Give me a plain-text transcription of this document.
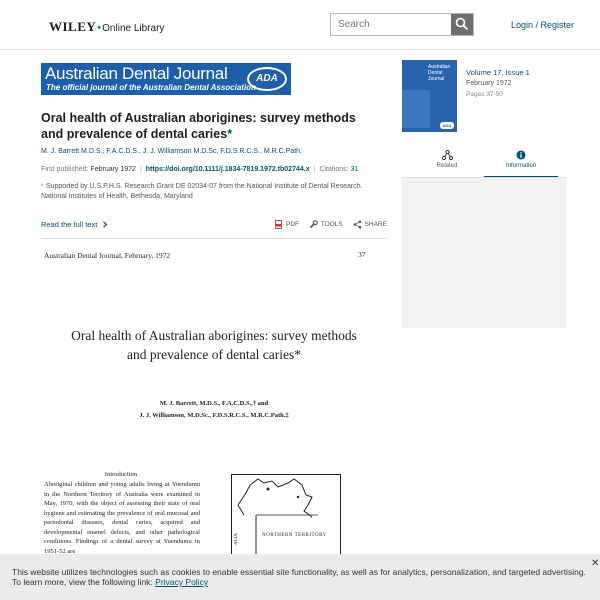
WILEY•Online Library
Search	Login / Register
Australian Dental Journal
The official journal of the Australian Dental Association
ADA
Oral health of Australian aborigines: survey methods and prevalence of dental caries*
M. J. Barrett M.D.S., F.A.C.D.S., J. J. Williamson M.D.Sc, F.D.S.R.C.S., M.R.C.Path.
First published: February 1972 | https://doi.org/10.1111/j.1834-7819.1972.tb02744.x | Citations: 31
* Supported by U.S.P.H.S. Research Grant DE 02034-07 from the National Institute of Dental Research. National Institutes of Health, Bethesda, Maryland
Read the full text	PDF
	TOOLS
	SHARE
Australian Dental Journal, February, 1972	37
Oral health of Australian aborigines: survey methods
and prevalence of dental caries*
M. J. Barrett, M.D.S., F.A.C.D.S.,† and
J. J. Williamson, M.D.Sc., F.D.S.R.C.S., M.R.C.Path.‡
Introduction
Aboriginal children and young adults living at Yuendumu in the Northern Territory of Australia were examined in May, 1970, with the object of assessing their state of oral hygiene and estimating the prevalence of oral mucosal and periodontal diseases, dental caries, acquired and developmental enamel defects, and other pathological conditions. Findings of a dental survey at Yuendumu in 1951-52 are
NORTHERN TERRITORY
ALIA
Australian Dental Journal
ADA
Volume 17, Issue 1
February 1972
Pages 37-50
Related	Information
This website utilizes technologies such as cookies to enable essential site functionality, as well as for analytics, personalization, and targeted advertising. To learn more, view the following link: Privacy Policy
✕
